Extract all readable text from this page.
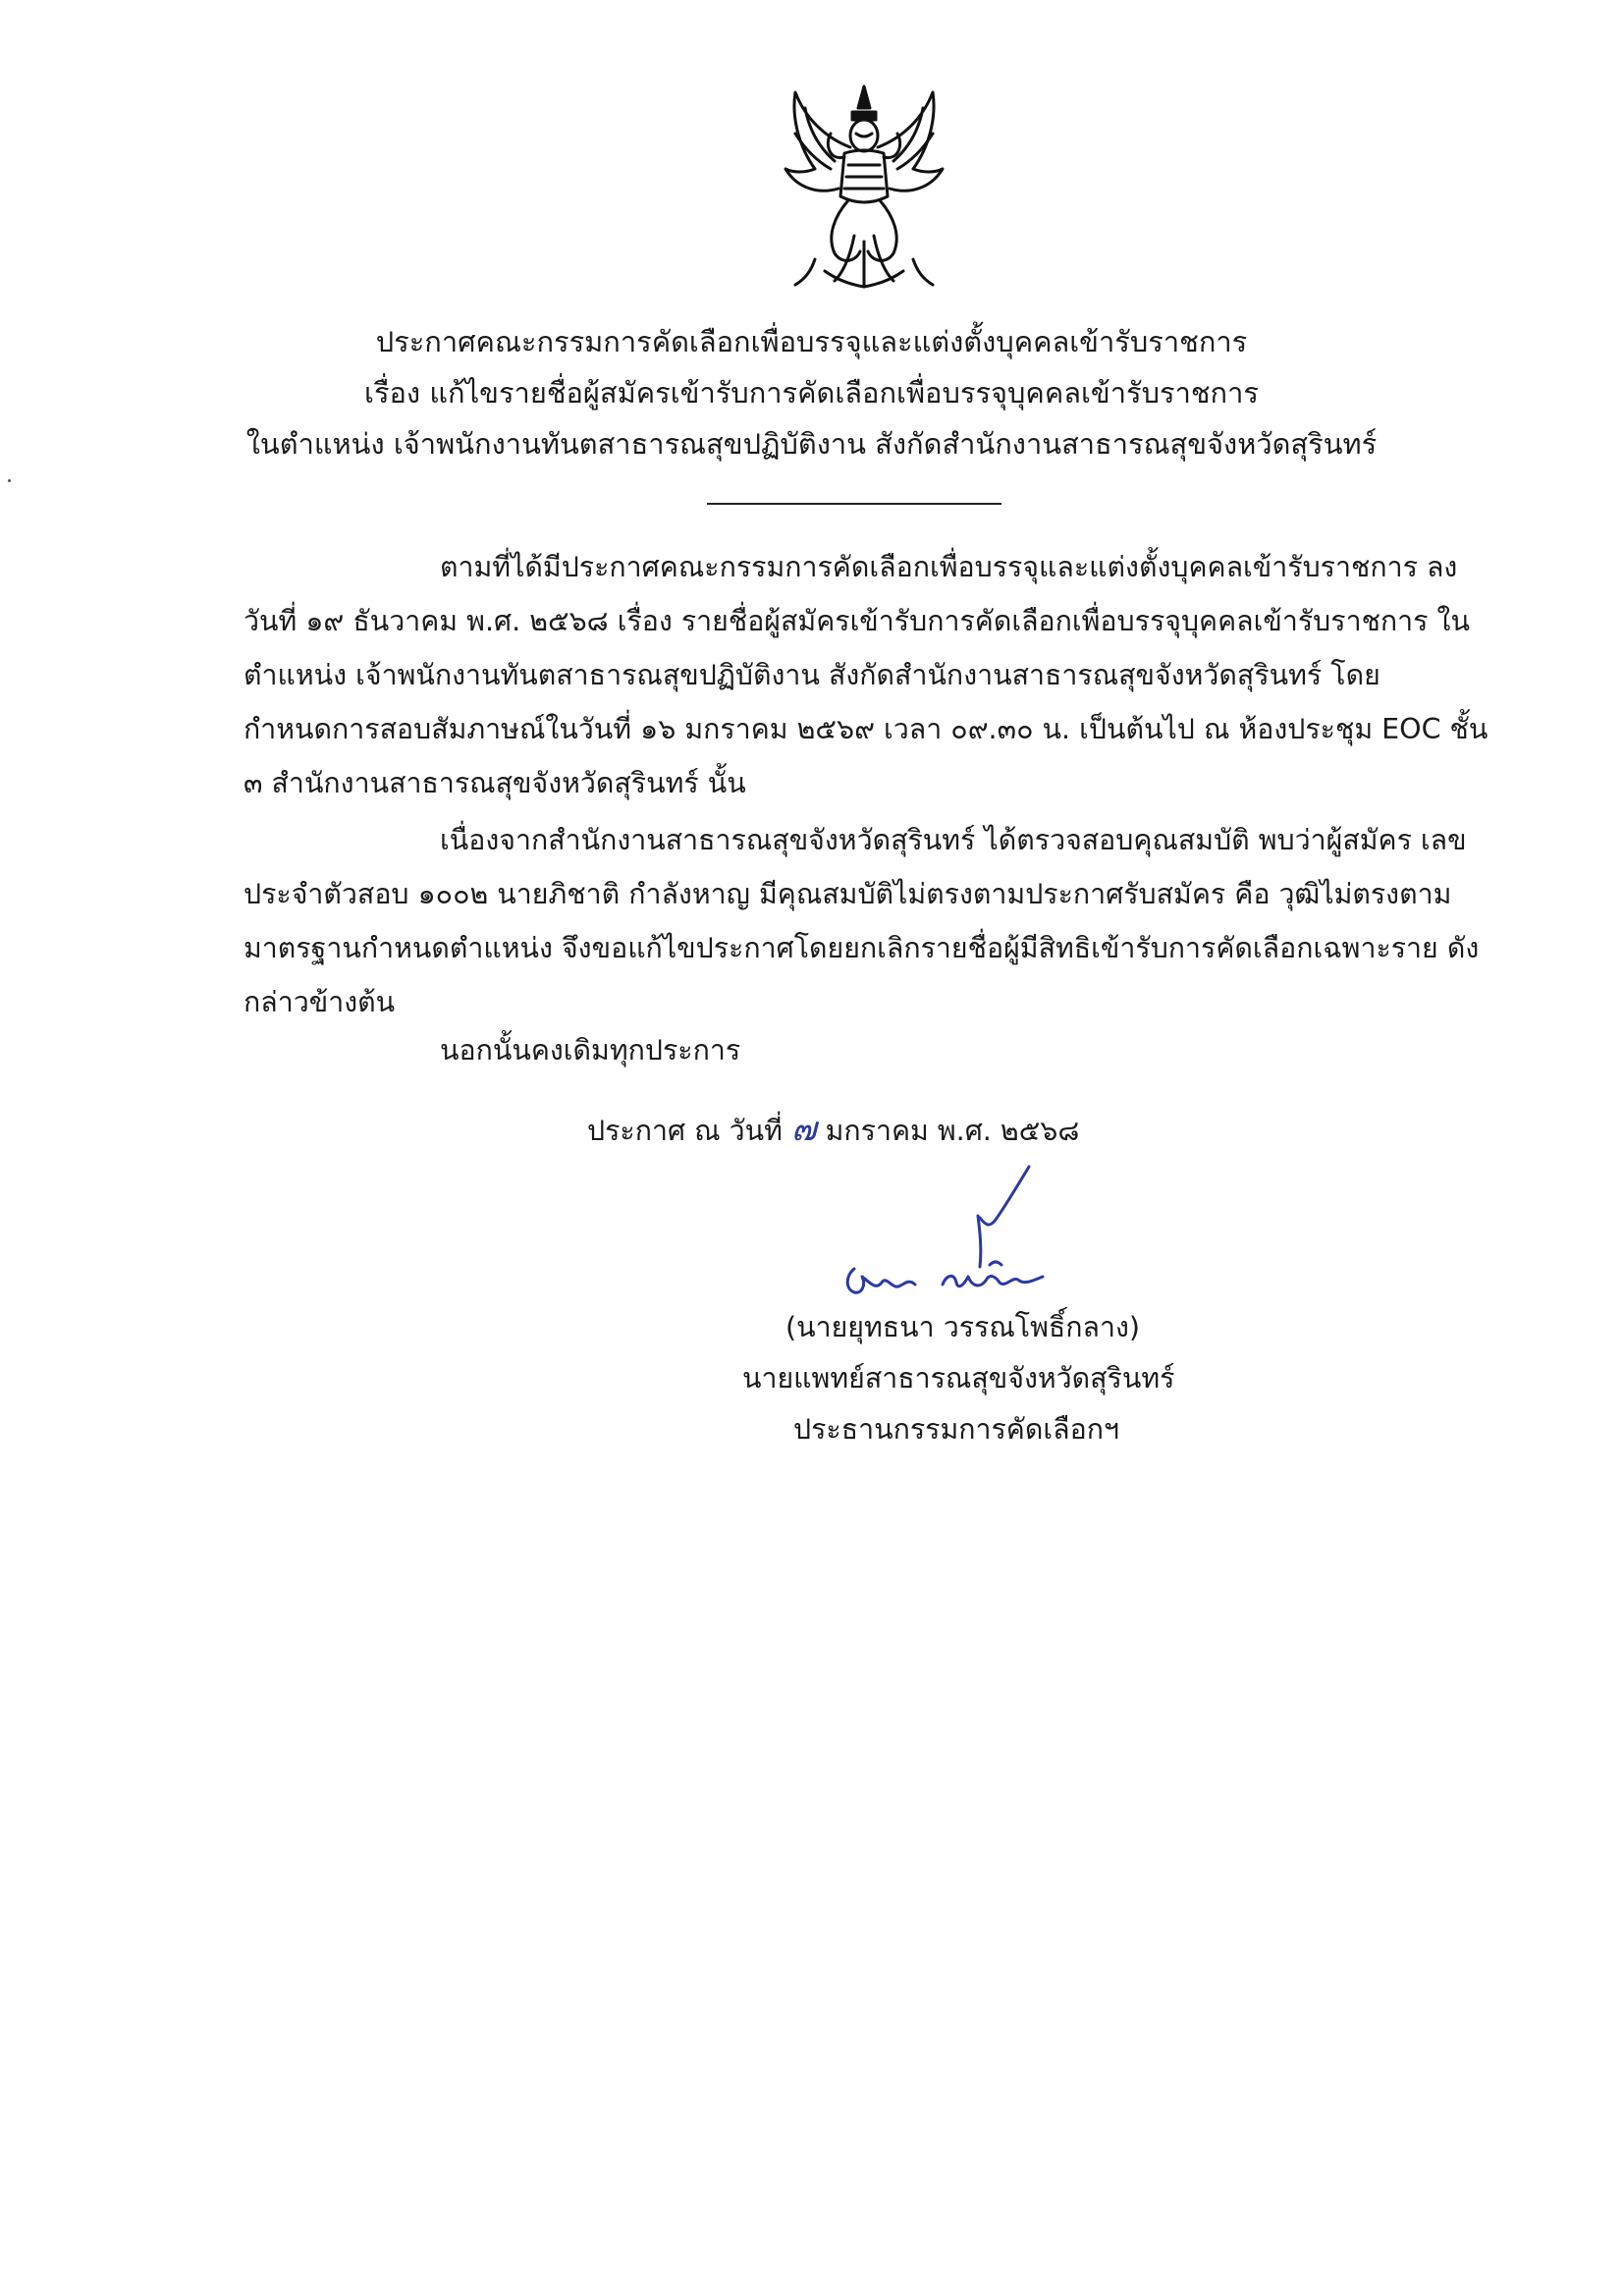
ประกาศคณะกรรมการคัดเลือกเพื่อบรรจุและแต่งตั้งบุคคลเข้ารับราชการ
เรื่อง แก้ไขรายชื่อผู้สมัครเข้ารับการคัดเลือกเพื่อบรรจุบุคคลเข้ารับราชการ
ในตำแหน่ง เจ้าพนักงานทันตสาธารณสุขปฏิบัติงาน สังกัดสำนักงานสาธารณสุขจังหวัดสุรินทร์
ตามที่ได้มีประกาศคณะกรรมการคัดเลือกเพื่อบรรจุและแต่งตั้งบุคคลเข้ารับราชการ ลงวันที่ ๑๙ ธันวาคม พ.ศ. ๒๕๖๘ เรื่อง รายชื่อผู้สมัครเข้ารับการคัดเลือกเพื่อบรรจุบุคคลเข้ารับราชการ ในตำแหน่ง เจ้าพนักงานทันตสาธารณสุขปฏิบัติงาน สังกัดสำนักงานสาธารณสุขจังหวัดสุรินทร์ โดยกำหนดการสอบสัมภาษณ์ในวันที่ ๑๖ มกราคม ๒๕๖๙ เวลา ๐๙.๓๐ น. เป็นต้นไป ณ ห้องประชุม EOC ชั้น ๓ สำนักงานสาธารณสุขจังหวัดสุรินทร์ นั้น
เนื่องจากสำนักงานสาธารณสุขจังหวัดสุรินทร์ ได้ตรวจสอบคุณสมบัติ พบว่าผู้สมัคร เลขประจำตัวสอบ ๑๐๐๒ นายภิชาติ กำลังหาญ มีคุณสมบัติไม่ตรงตามประกาศรับสมัคร คือ วุฒิไม่ตรงตามมาตรฐานกำหนดตำแหน่ง จึงขอแก้ไขประกาศโดยยกเลิกรายชื่อผู้มีสิทธิเข้ารับการคัดเลือกเฉพาะราย ดังกล่าวข้างต้น
นอกนั้นคงเดิมทุกประการ
ประกาศ ณ วันที่ ๗ มกราคม พ.ศ. ๒๕๖๘
(นายยุทธนา วรรณโพธิ์กลาง)
นายแพทย์สาธารณสุขจังหวัดสุรินทร์
ประธานกรรมการคัดเลือกฯ
